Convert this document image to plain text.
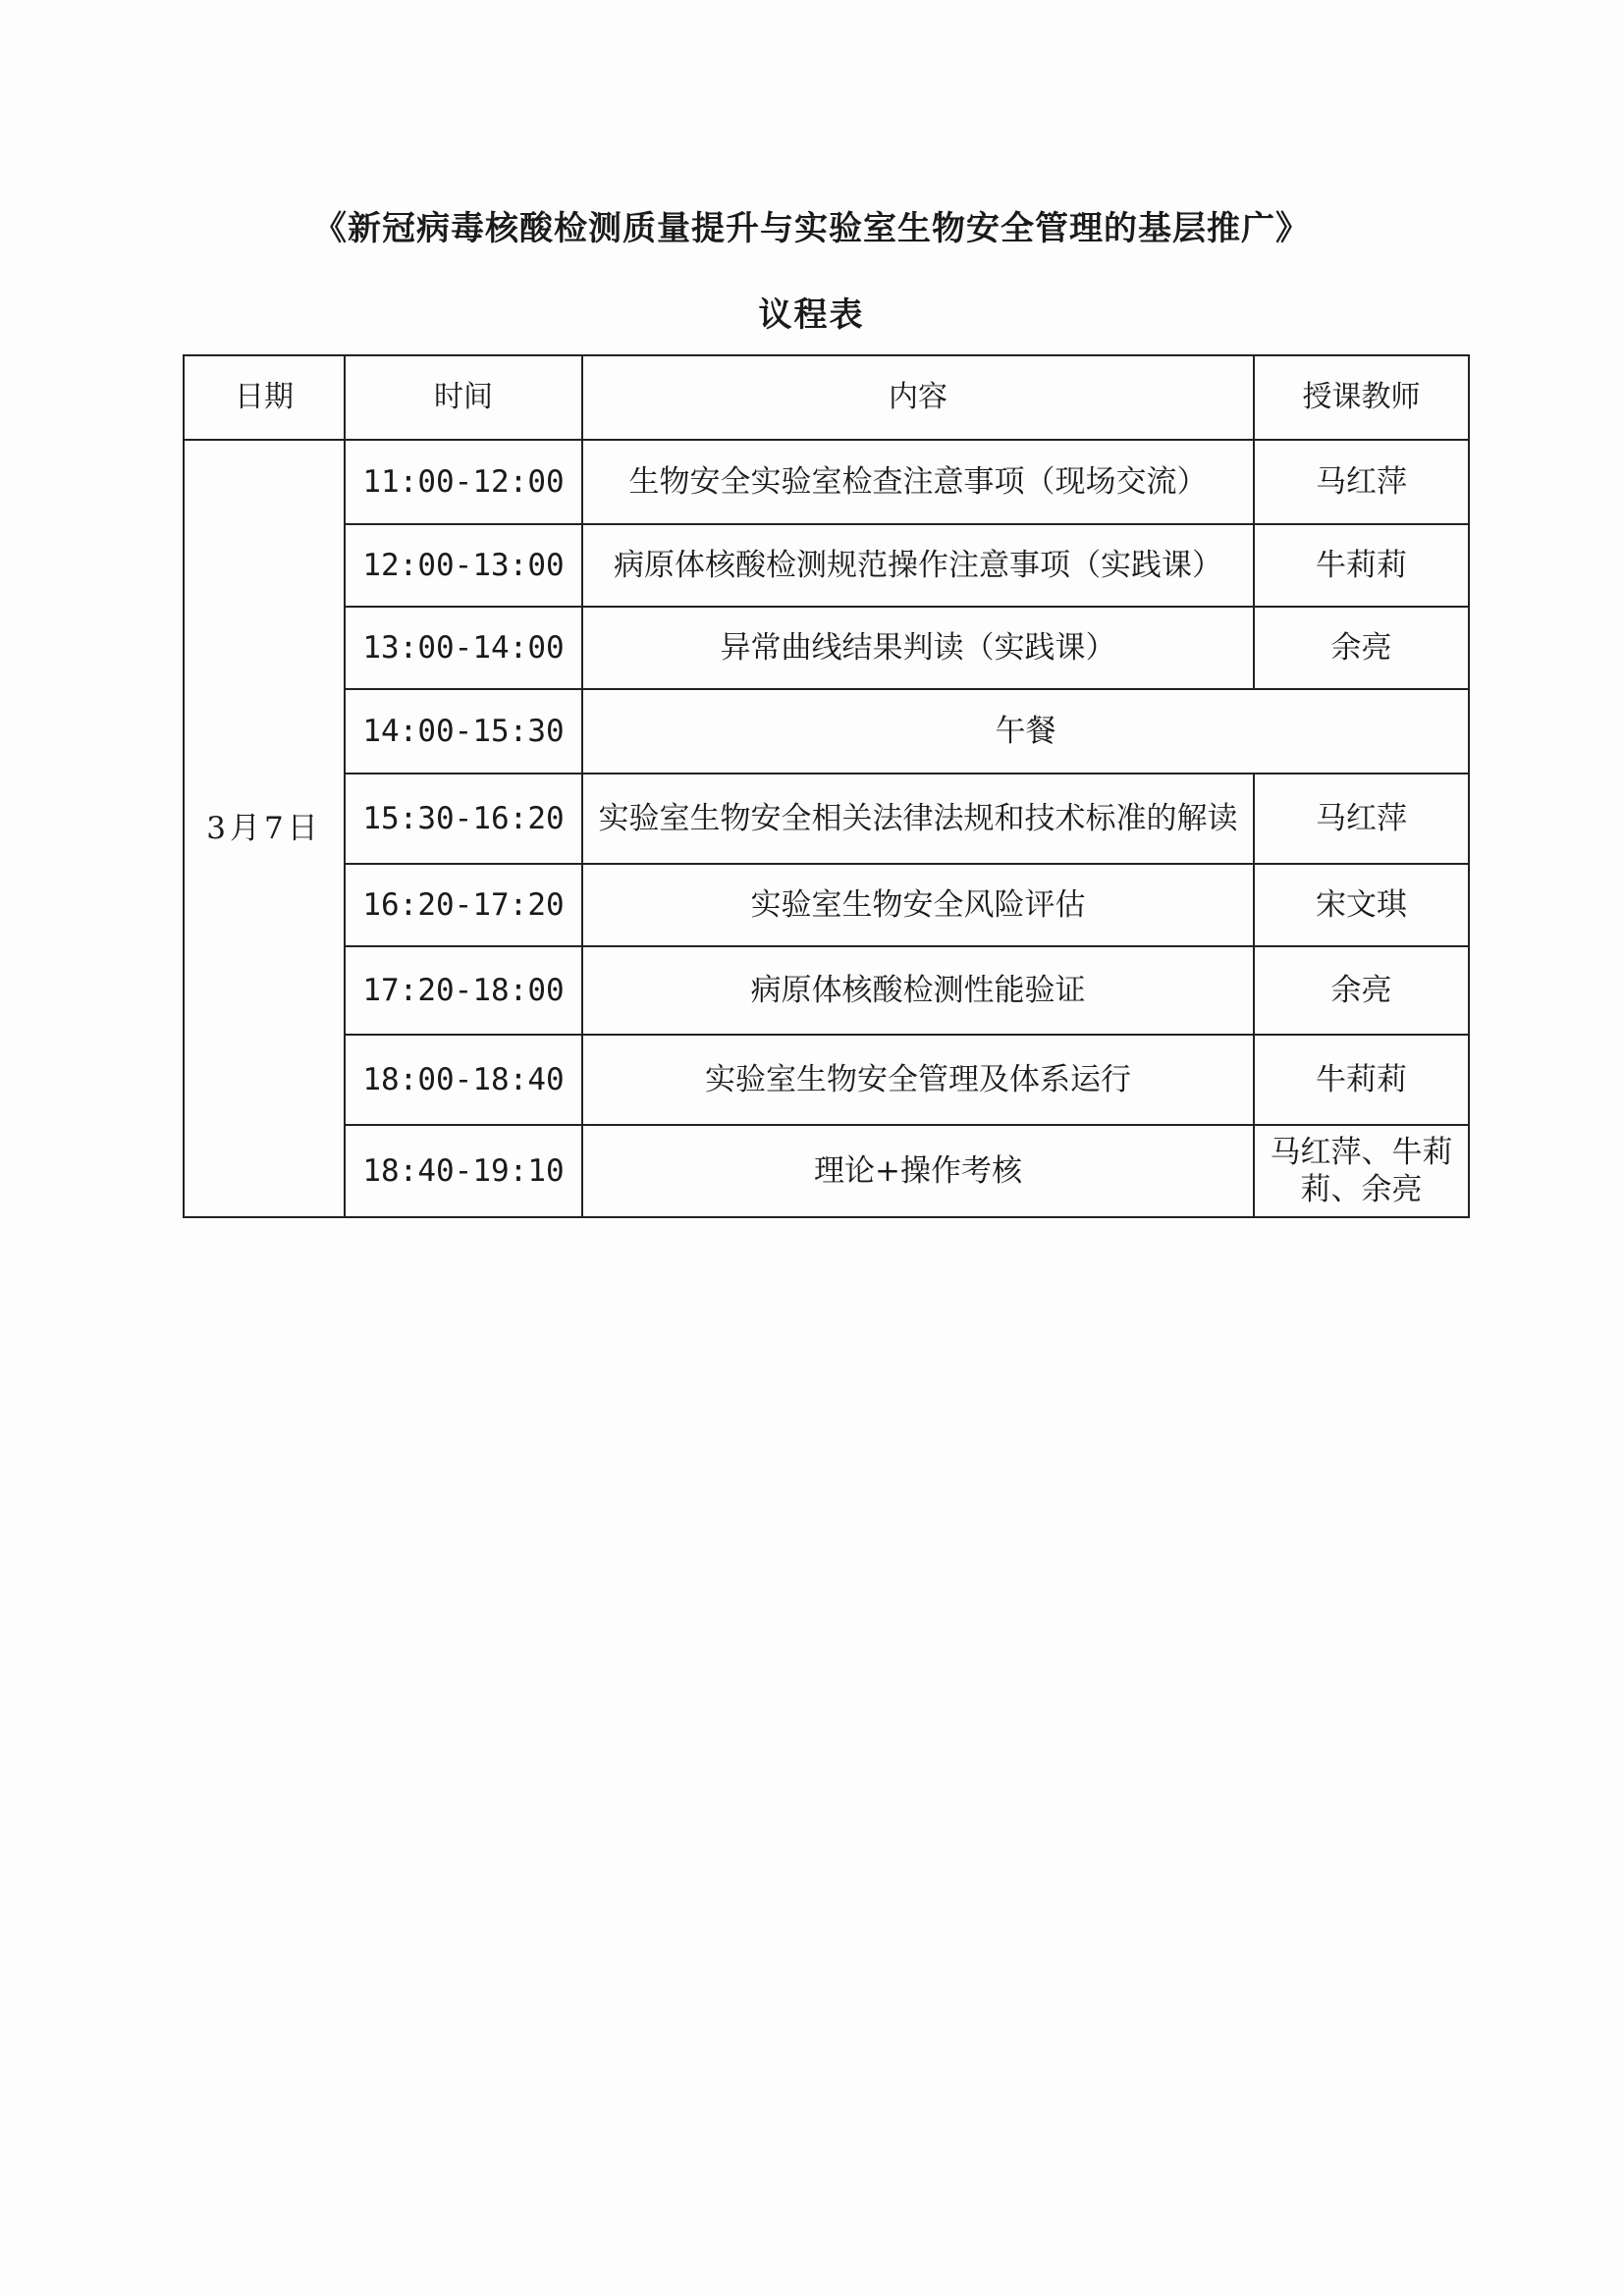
《新冠病毒核酸检测质量提升与实验室生物安全管理的基层推广》
议程表
日期	时间	内容	授课教师
3月7日	11:00-12:00	生物安全实验室检查注意事项（现场交流）	马红萍
	12:00-13:00	病原体核酸检测规范操作注意事项（实践课）	牛莉莉
	13:00-14:00	异常曲线结果判读（实践课）	余亮
	14:00-15:30	午餐	
	15:30-16:20	实验室生物安全相关法律法规和技术标准的解读	马红萍
	16:20-17:20	实验室生物安全风险评估	宋文琪
	17:20-18:00	病原体核酸检测性能验证	余亮
	18:00-18:40	实验室生物安全管理及体系运行	牛莉莉
	18:40-19:10	理论+操作考核	马红萍、牛莉莉、余亮
